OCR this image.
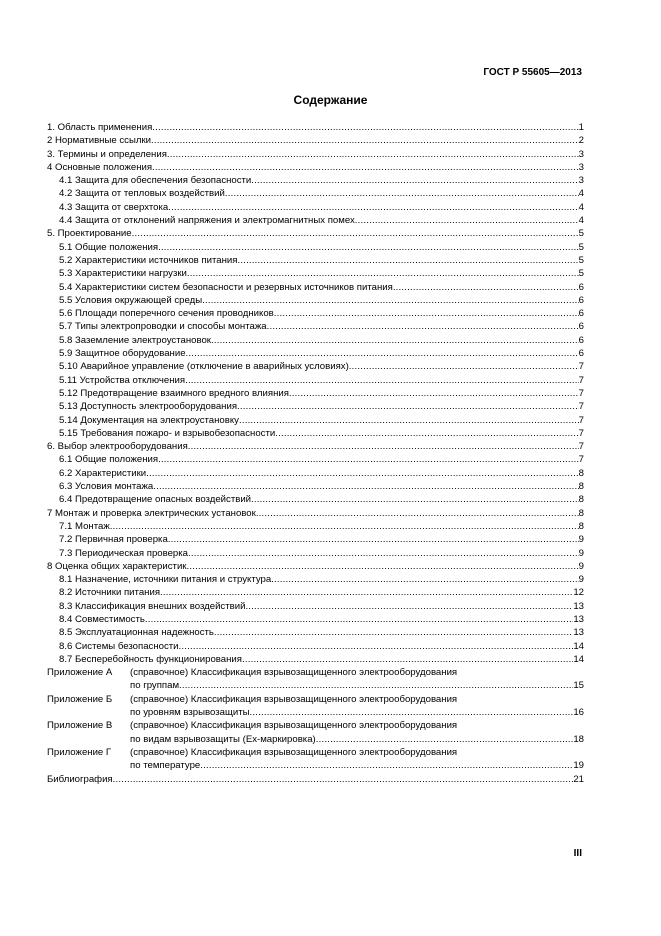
ГОСТ Р 55605—2013
Содержание
1. Область применения .....	1
2 Нормативные ссылки .....	2
3. Термины и определения .....	3
4 Основные положения .....	3
4.1 Защита для обеспечения безопасности .....	3
4.2 Защита от тепловых воздействий .....	4
4.3 Защита от сверхтока .....	4
4.4 Защита от отклонений напряжения и электромагнитных помех .....	4
5. Проектирование .....	5
5.1 Общие положения .....	5
5.2 Характеристики источников питания .....	5
5.3 Характеристики нагрузки .....	5
5.4 Характеристики систем безопасности и резервных источников питания .....	6
5.5 Условия окружающей среды .....	6
5.6 Площади поперечного сечения проводников .....	6
5.7 Типы электропроводки и способы монтажа .....	6
5.8 Заземление электроустановок .....	6
5.9 Защитное оборудование .....	6
5.10 Аварийное управление (отключение в аварийных условиях) .....	7
5.11 Устройства отключения .....	7
5.12 Предотвращение взаимного вредного влияния .....	7
5.13 Доступность электрооборудования .....	7
5.14 Документация на электроустановку .....	7
5.15 Требования пожаро- и взрывобезопасности .....	7
6. Выбор электрооборудования .....	7
6.1 Общие положения .....	7
6.2 Характеристики .....	8
6.3 Условия монтажа .....	8
6.4 Предотвращение опасных воздействий .....	8
7 Монтаж и проверка электрических установок .....	8
7.1 Монтаж .....	8
7.2 Первичная проверка .....	9
7.3 Периодическая проверка .....	9
8 Оценка общих характеристик .....	9
8.1 Назначение, источники питания и структура .....	9
8.2 Источники питания .....	12
8.3 Классификация внешних воздействий .....	13
8.4 Совместимость .....	13
8.5 Эксплуатационная надежность .....	13
8.6 Системы безопасности .....	14
8.7 Бесперебойность функционирования .....	14
Приложение А	(справочное) Классификация взрывозащищенного электрооборудования
по группам .....	15
Приложение Б	(справочное) Классификация взрывозащищенного электрооборудования
по уровням взрывозащиты .....	16
Приложение В	(справочное) Классификация взрывозащищенного электрооборудования
по видам взрывозащиты (Ex-маркировка) .....	18
Приложение Г	(справочное) Классификация взрывозащищенного электрооборудования
по температуре .....	19
Библиография .....	21
III
